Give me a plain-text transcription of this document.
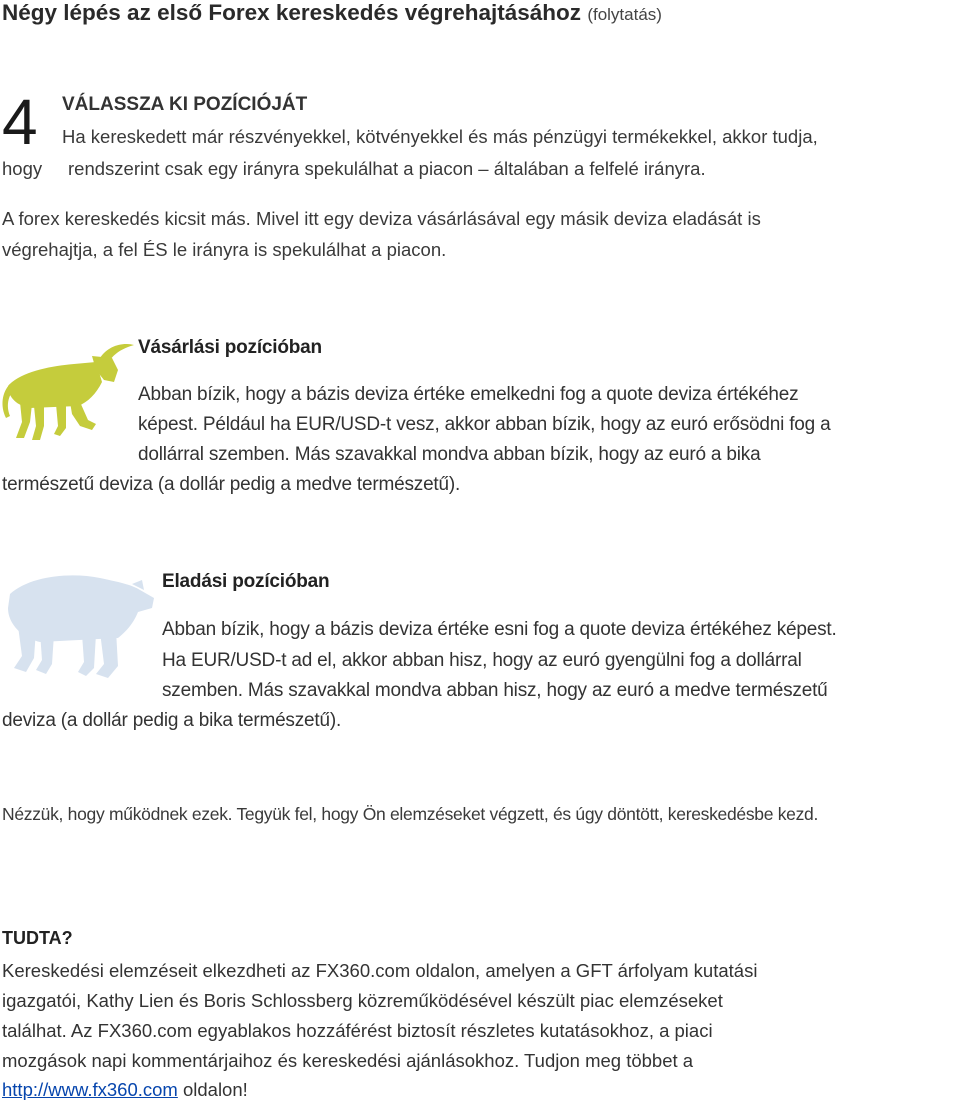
Négy lépés az első Forex kereskedés végrehajtásához (folytatás)
4 VÁLASSZA KI POZÍCIÓJÁT
Ha kereskedett már részvényekkel, kötvényekkel és más pénzügyi termékekkel, akkor tudja,
hogy rendszerint csak egy irányra spekulálhat a piacon – általában a felfelé irányra.
A forex kereskedés kicsit más. Mivel itt egy deviza vásárlásával egy másik deviza eladását is
végrehajtja, a fel ÉS le irányra is spekulálhat a piacon.
Vásárlási pozícióban
Abban bízik, hogy a bázis deviza értéke emelkedni fog a quote deviza értékéhez
képest. Például ha EUR/USD-t vesz, akkor abban bízik, hogy az euró erősödni fog a
dollárral szemben. Más szavakkal mondva abban bízik, hogy az euró a bika
természetű deviza (a dollár pedig a medve természetű).
Eladási pozícióban
Abban bízik, hogy a bázis deviza értéke esni fog a quote deviza értékéhez képest.
Ha EUR/USD-t ad el, akkor abban hisz, hogy az euró gyengülni fog a dollárral
szemben. Más szavakkal mondva abban hisz, hogy az euró a medve természetű
deviza (a dollár pedig a bika természetű).
Nézzük, hogy működnek ezek. Tegyük fel, hogy Ön elemzéseket végzett, és úgy döntött, kereskedésbe kezd.
TUDTA?
Kereskedési elemzéseit elkezdheti az FX360.com oldalon, amelyen a GFT árfolyam kutatási
igazgatói, Kathy Lien és Boris Schlossberg közreműködésével készült piac elemzéseket
találhat. Az FX360.com egyablakos hozzáférést biztosít részletes kutatásokhoz, a piaci
mozgások napi kommentárjaihoz és kereskedési ajánlásokhoz. Tudjon meg többet a
http://www.fx360.com oldalon!
